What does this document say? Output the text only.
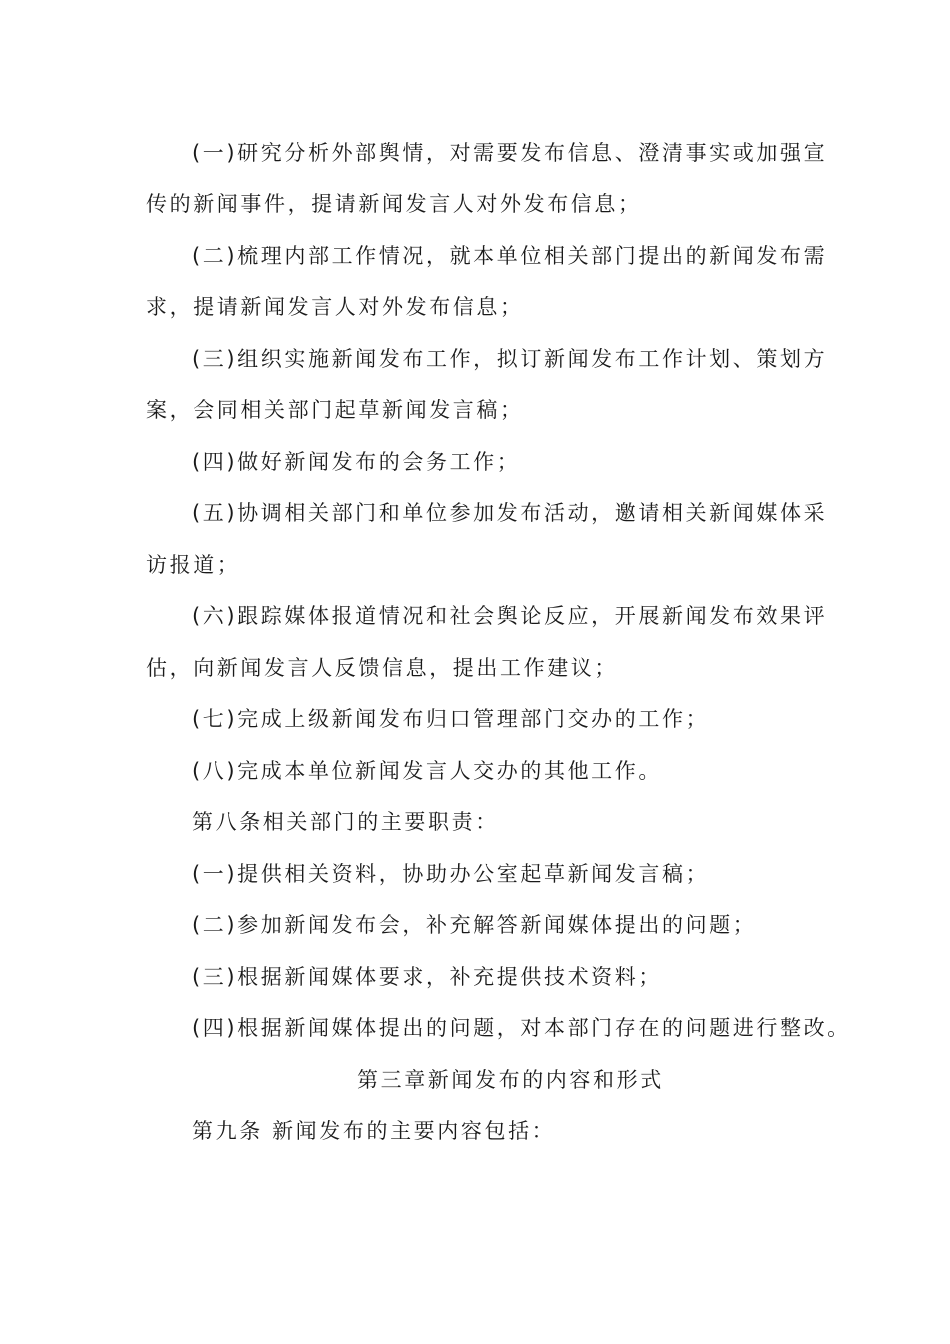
(一)研究分析外部舆情，对需要发布信息、澄清事实或加强宣
传的新闻事件，提请新闻发言人对外发布信息；
(二)梳理内部工作情况，就本单位相关部门提出的新闻发布需
求，提请新闻发言人对外发布信息；
(三)组织实施新闻发布工作，拟订新闻发布工作计划、策划方
案，会同相关部门起草新闻发言稿；
(四)做好新闻发布的会务工作；
(五)协调相关部门和单位参加发布活动，邀请相关新闻媒体采
访报道；
(六)跟踪媒体报道情况和社会舆论反应，开展新闻发布效果评
估，向新闻发言人反馈信息，提出工作建议；
(七)完成上级新闻发布归口管理部门交办的工作；
(八)完成本单位新闻发言人交办的其他工作。
第八条相关部门的主要职责：
(一)提供相关资料，协助办公室起草新闻发言稿；
(二)参加新闻发布会，补充解答新闻媒体提出的问题；
(三)根据新闻媒体要求，补充提供技术资料；
(四)根据新闻媒体提出的问题，对本部门存在的问题进行整改。
第三章新闻发布的内容和形式
第九条 新闻发布的主要内容包括：
